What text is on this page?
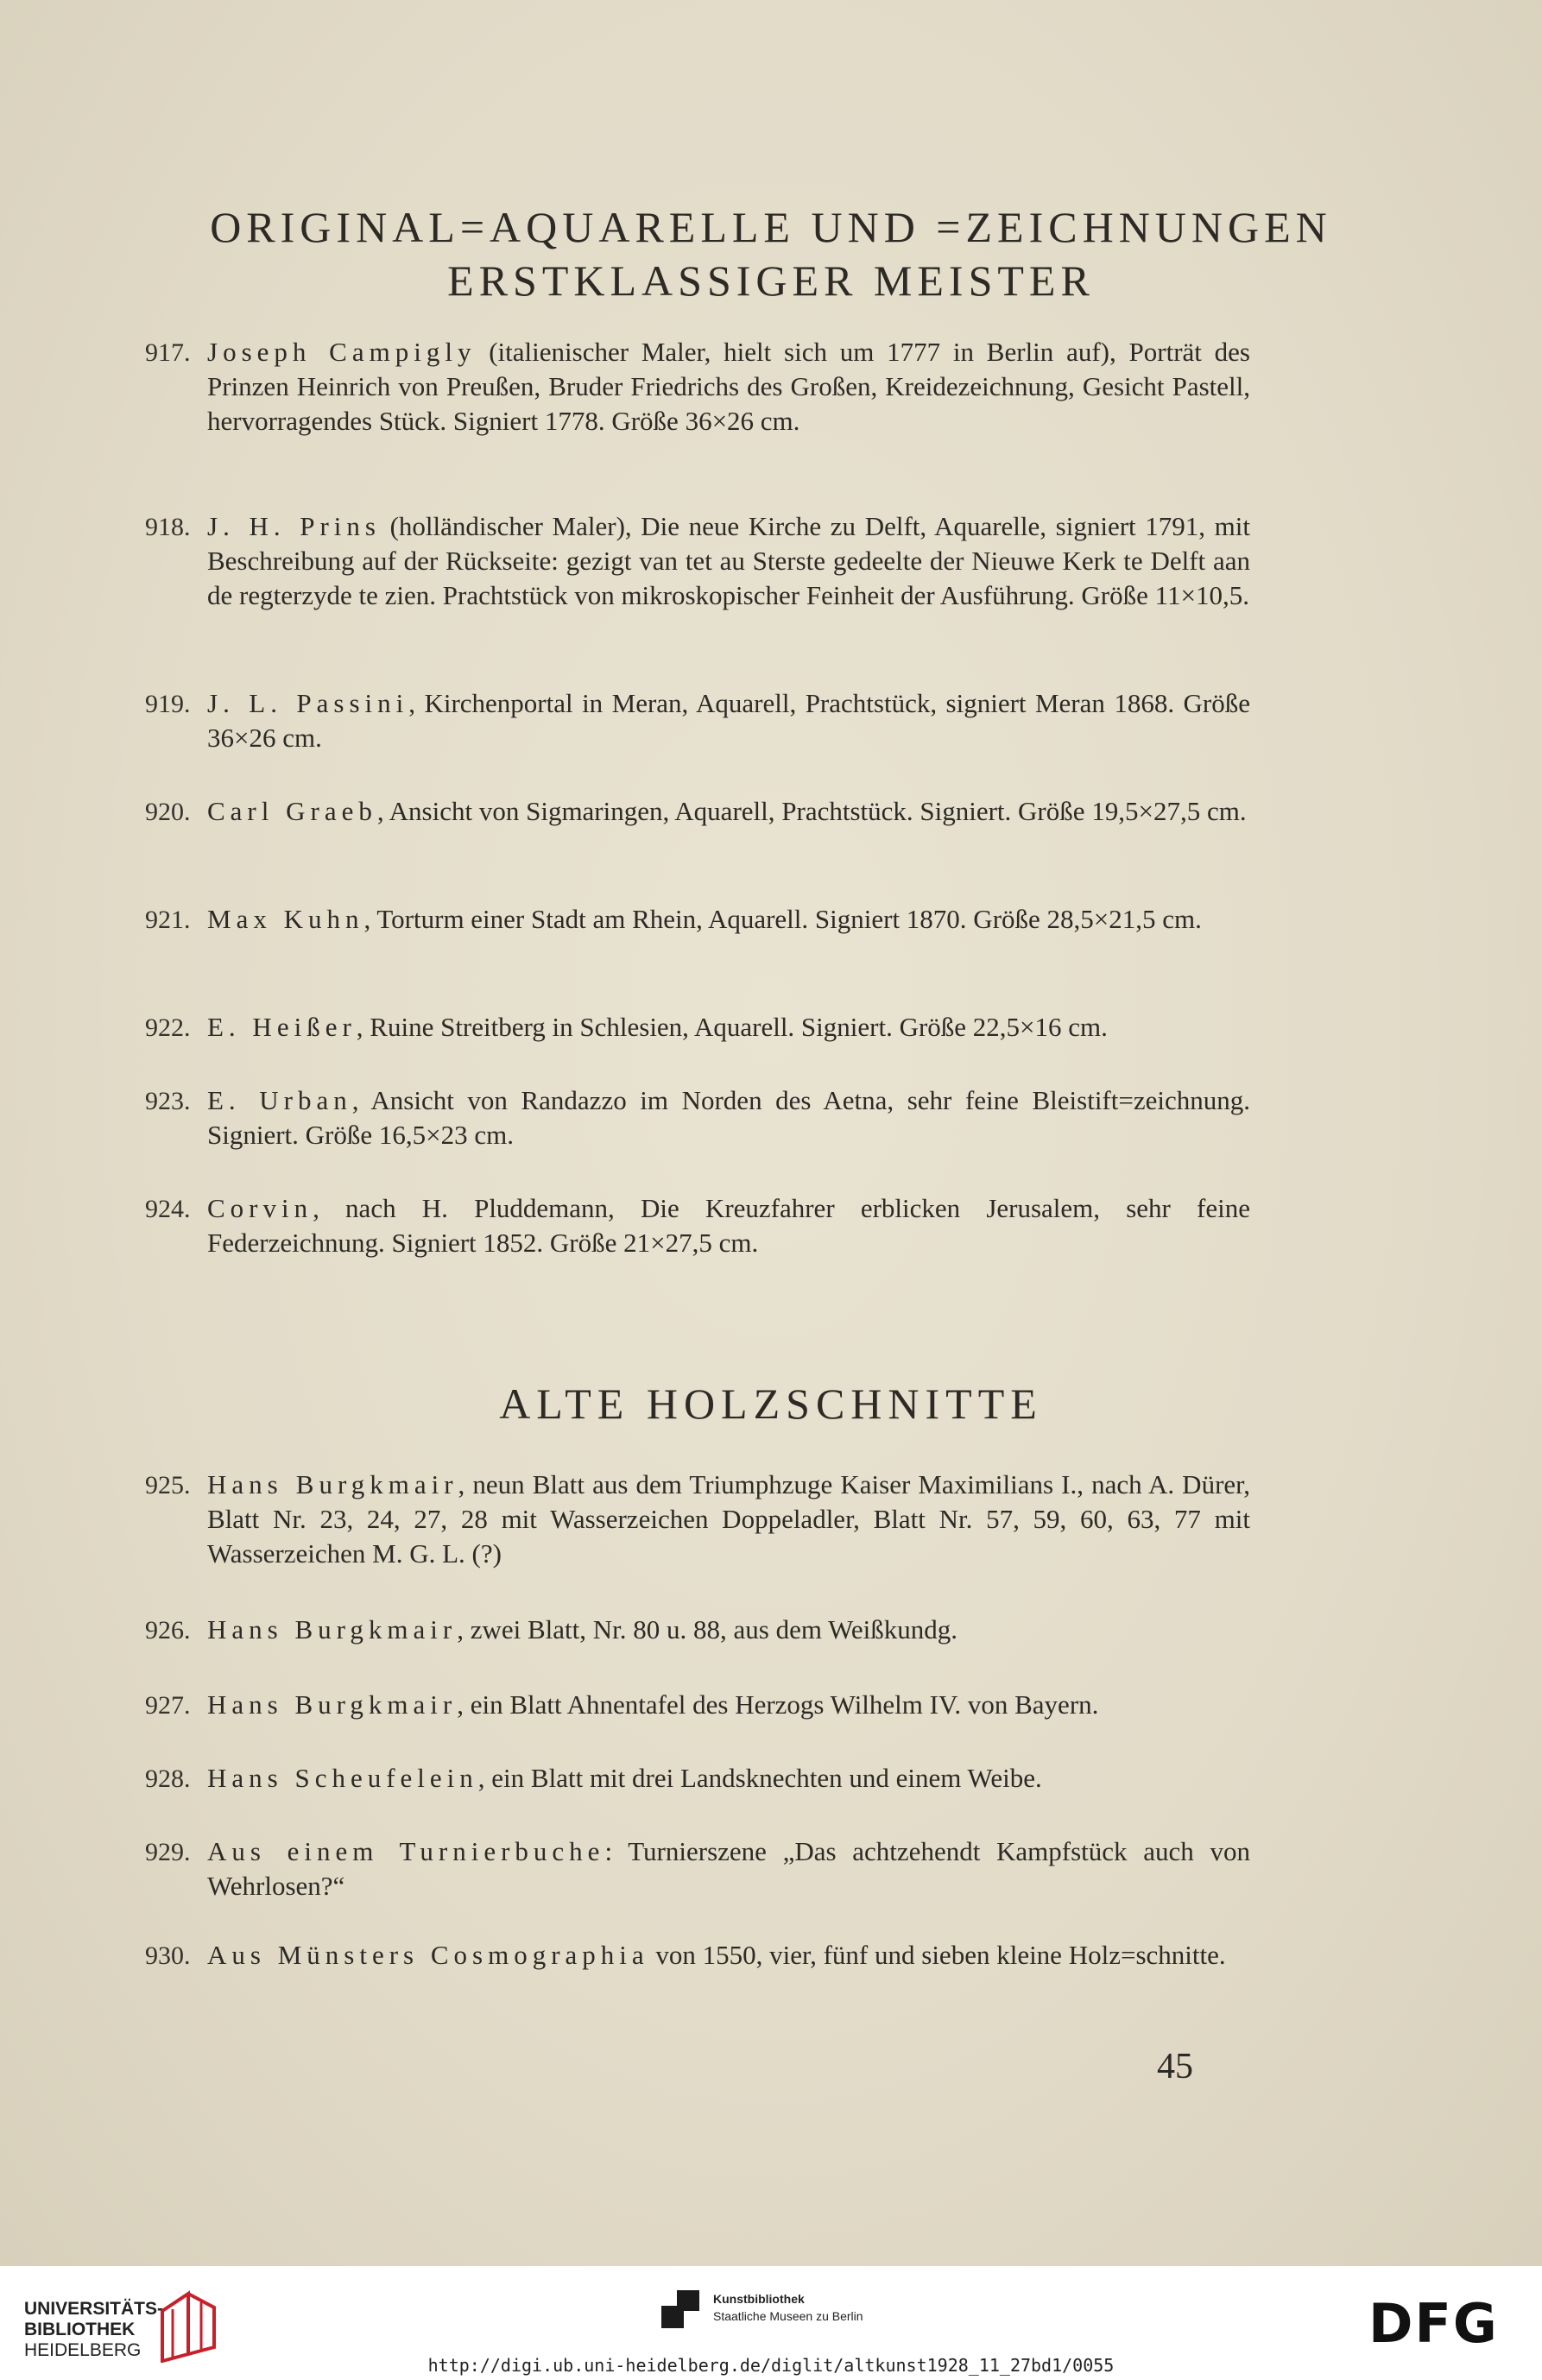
ORIGINAL=AQUARELLE UND =ZEICHNUNGEN
ERSTKLASSIGER MEISTER
917. Joseph Campigly (italienischer Maler, hielt sich um 1777 in Berlin auf), Porträt des Prinzen Heinrich von Preußen, Bruder Friedrichs des Großen, Kreidezeichnung, Gesicht Pastell, hervorragendes Stück. Signiert 1778. Größe 36×26 cm.
918. J. H. Prins (holländischer Maler), Die neue Kirche zu Delft, Aquarelle, signiert 1791, mit Beschreibung auf der Rückseite: gezigt van tet au Sterste gedeelte der Nieuwe Kerk te Delft aan de regterzyde te zien. Prachtstück von mikroskopischer Feinheit der Ausführung. Größe 11×10,5.
919. J. L. Passini, Kirchenportal in Meran, Aquarell, Prachtstück, signiert Meran 1868. Größe 36×26 cm.
920. Carl Graeb, Ansicht von Sigmaringen, Aquarell, Prachtstück. Signiert. Größe 19,5×27,5 cm.
921. Max Kuhn, Torturm einer Stadt am Rhein, Aquarell. Signiert 1870. Größe 28,5×21,5 cm.
922. E. Heißer, Ruine Streitberg in Schlesien, Aquarell. Signiert. Größe 22,5×16 cm.
923. E. Urban, Ansicht von Randazzo im Norden des Aetna, sehr feine Bleistift=zeichnung. Signiert. Größe 16,5×23 cm.
924. Corvin, nach H. Pluddemann, Die Kreuzfahrer erblicken Jerusalem, sehr feine Federzeichnung. Signiert 1852. Größe 21×27,5 cm.
ALTE HOLZSCHNITTE
925. Hans Burgkmair, neun Blatt aus dem Triumphzuge Kaiser Maximilians I., nach A. Dürer, Blatt Nr. 23, 24, 27, 28 mit Wasserzeichen Doppeladler, Blatt Nr. 57, 59, 60, 63, 77 mit Wasserzeichen M. G. L. (?)
926. Hans Burgkmair, zwei Blatt, Nr. 80 u. 88, aus dem Weißkundg.
927. Hans Burgkmair, ein Blatt Ahnentafel des Herzogs Wilhelm IV. von Bayern.
928. Hans Scheufelein, ein Blatt mit drei Landsknechten und einem Weibe.
929. Aus einem Turnierbuche: Turnierszene „Das achtzehendt Kampfstück auch von Wehrlosen?“
930. Aus Münsters Cosmographia von 1550, vier, fünf und sieben kleine Holz=schnitte.
45
UNIVERSITÄTS-
BIBLIOTHEK
HEIDELBERG
Kunstbibliothek
Staatliche Museen zu Berlin	DFG
http://digi.ub.uni-heidelberg.de/diglit/altkunst1928_11_27bd1/0055
